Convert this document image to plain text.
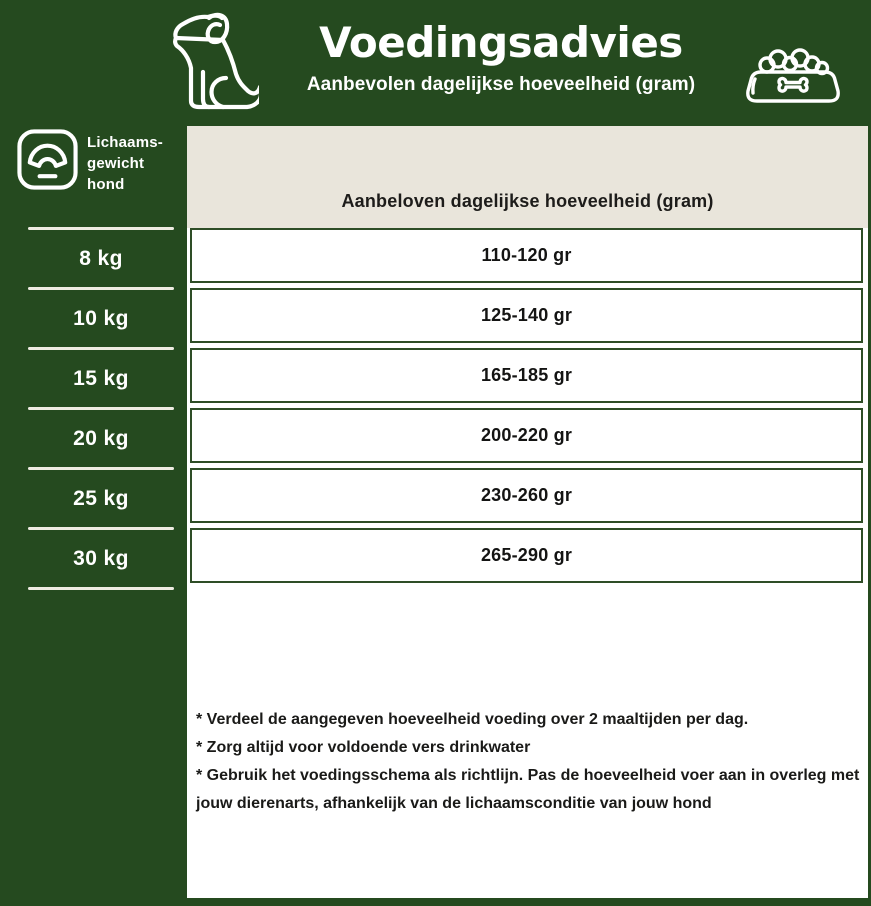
Voedingsadvies
Aanbevolen dagelijkse hoeveelheid (gram)
Lichaams-
gewicht
hond
8 kg
10 kg
15 kg
20 kg
25 kg
30 kg
Aanbeloven dagelijkse hoeveelheid (gram)
110-120 gr
125-140 gr
165-185 gr
200-220 gr
230-260 gr
265-290 gr
* Verdeel de aangegeven hoeveelheid voeding over 2 maaltijden per dag.
* Zorg altijd voor voldoende vers drinkwater
* Gebruik het voedingsschema als richtlijn. Pas de hoeveelheid voer aan in overleg met jouw dierenarts, afhankelijk van de lichaamsconditie van jouw hond
